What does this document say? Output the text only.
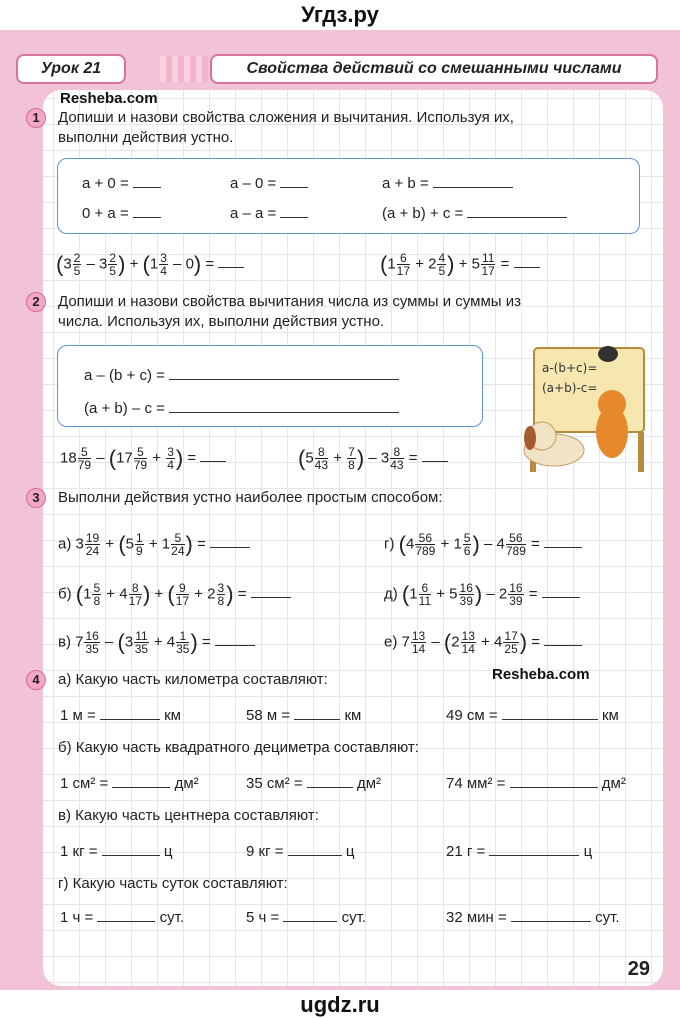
Угдз.ру
Урок 21	Свойства действий со смешанными числами
Resheba.com
1	Допиши и назови свойства сложения и вычитания. Используя их,
выполни действия устно.
a + 0 =	a – 0 =	a + b =
0 + a =	a – a =	(a + b) + c =
($3 \frac{2}{5} - 3 \frac{2}{5}$ ) + $(1 \frac{3}{4} - 0)$ =	($1 \frac{6}{17} + 2 \frac{4}{5}$ ) + $5 \frac{11}{17}$ =
2	Допиши и назови свойства вычитания числа из суммы и суммы из
числа. Используя их, выполни действия устно.
a – (b + c) =
(a + b) – c =
a-(b+c)=
(a+b)-c=
$18 \frac{5}{79} - (17 \frac{5}{79} + \frac{3}{4}$ ) =	($5 \frac{8}{43} + \frac{7}{8}$ ) – $3 \frac{8}{43}$ =
3	Выполни действия устно наиболее простым способом:
а) $3 \frac{19}{24} + (5 \frac{1}{9} + 1 \frac{5}{24}$ ) =	г) ($4 \frac{56}{789} + 1 \frac{5}{6}$ ) – $4 \frac{56}{789}$ =
б) ($1 \frac{5}{8} + 4 \frac{8}{17}$ ) + ( $\frac{9}{17} + 2 \frac{3}{8}$ ) =	д) ($1 \frac{6}{11} + 5 \frac{16}{39}$ ) – $2 \frac{16}{39}$ =
в) $7 \frac{16}{35} - (3 \frac{11}{35} + 4 \frac{1}{35}$ ) =	е) $7 \frac{13}{14} - (2 \frac{13}{14} + 4 \frac{17}{25}$ ) =
4	а) Какую часть километра составляют:	Resheba.com
1 м =	км	58 м =	км	49 см =	км
б) Какую часть квадратного дециметра составляют:
1 см² =	дм²	35 см² =	дм²	74 мм² =	дм²
в) Какую часть центнера составляют:
1 кг =	ц	9 кг =	ц	21 г =	ц
г) Какую часть суток составляют:
1 ч =	сут.	5 ч =	сут.	32 мин =	сут.
29
ugdz.ru
